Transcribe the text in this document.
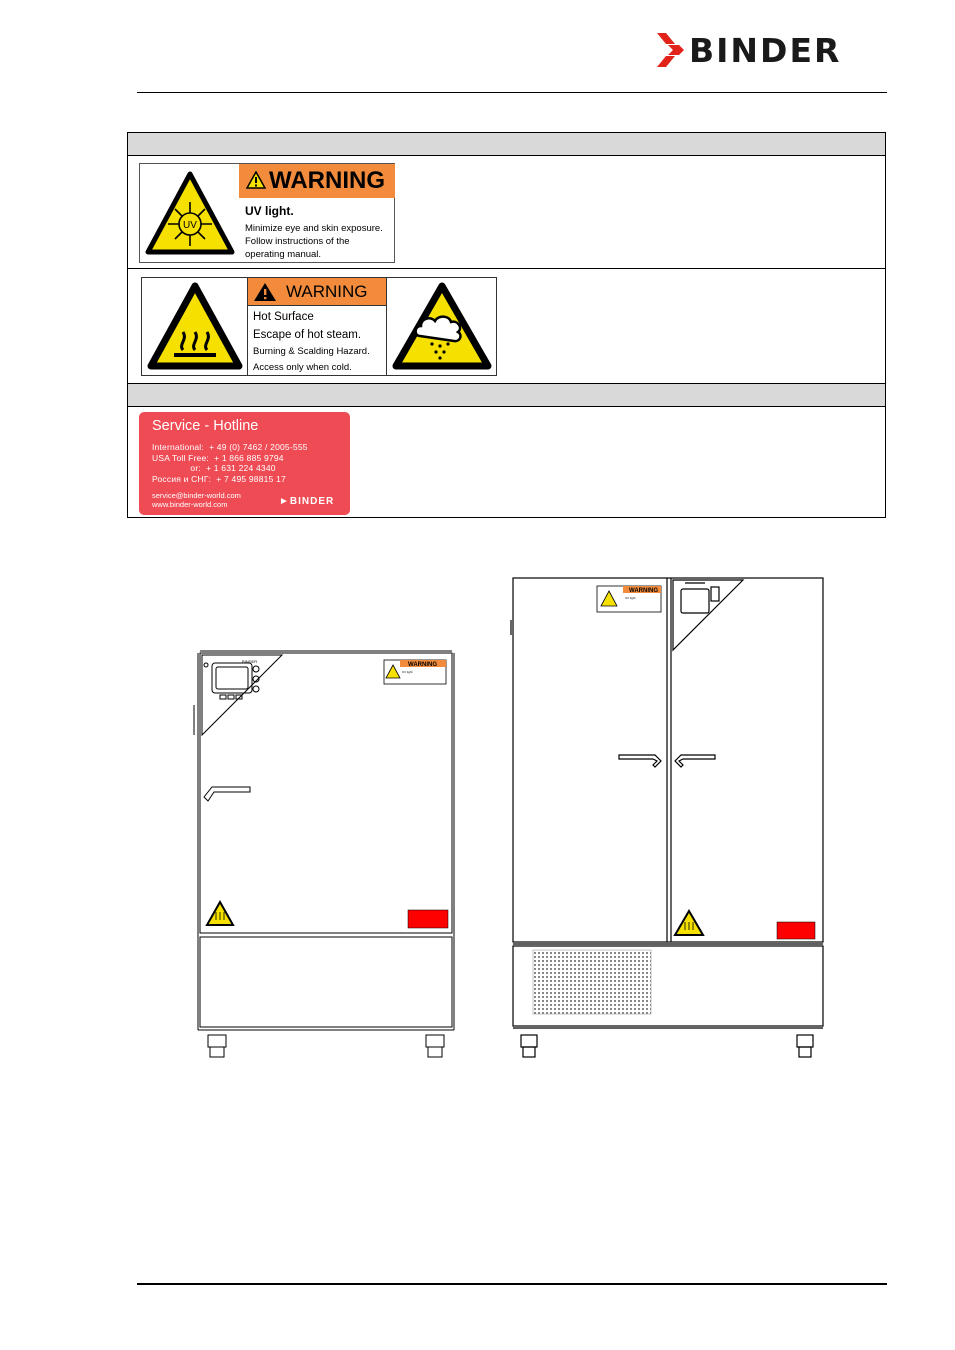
BINDER
UV
WARNING
UV light.
Minimize eye and skin exposure.
Follow instructions of the
operating manual.
WARNING
Hot Surface
Escape of hot steam.
Burning & Scalding Hazard.
Access only when cold.
Service - Hotline
International:  + 49 (0) 7462 / 2005-555
USA Toll Free:  + 1 866 885 9794
or:  + 1 631 224 4340
Россия и СНГ:  + 7 495 98815 17
service@binder-world.com
www.binder-world.com	►BINDER
BINDER
WARNING
UV light
WARNING
UV light
